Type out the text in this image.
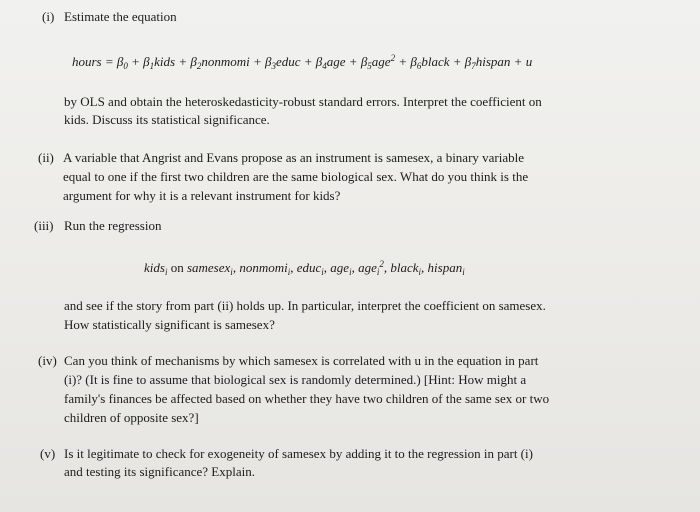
(i) Estimate the equation
hours = $\beta_0$ + $\beta_1kids$ + $\beta_2nonmomi$ + $\beta_3educ + \beta_4age + \beta_5age^2$ + $\beta_6black$ + $\beta_7hispan + u$
by OLS and obtain the heteroskedasticity-robust standard errors. Interpret the coefficient on
kids. Discuss its statistical significance.
(ii) A variable that Angrist and Evans propose as an instrument is samesex, a binary variable
equal to one if the first two children are the same biological sex. What do you think is the
argument for why it is a relevant instrument for kids?
(iii) Run the regression
kids$_i$ on samesex$_i$, nonmomi$_i$, educ$_i$, age$_i$, age$_i^2$, black$_i$, hispan$_i$
and see if the story from part (ii) holds up. In particular, interpret the coefficient on samesex.
How statistically significant is samesex?
(iv) Can you think of mechanisms by which samesex is correlated with u in the equation in part
(i)? (It is fine to assume that biological sex is randomly determined.) [Hint: How might a
family's finances be affected based on whether they have two children of the same sex or two
children of opposite sex?]
(v) Is it legitimate to check for exogeneity of samesex by adding it to the regression in part (i)
and testing its significance? Explain.
